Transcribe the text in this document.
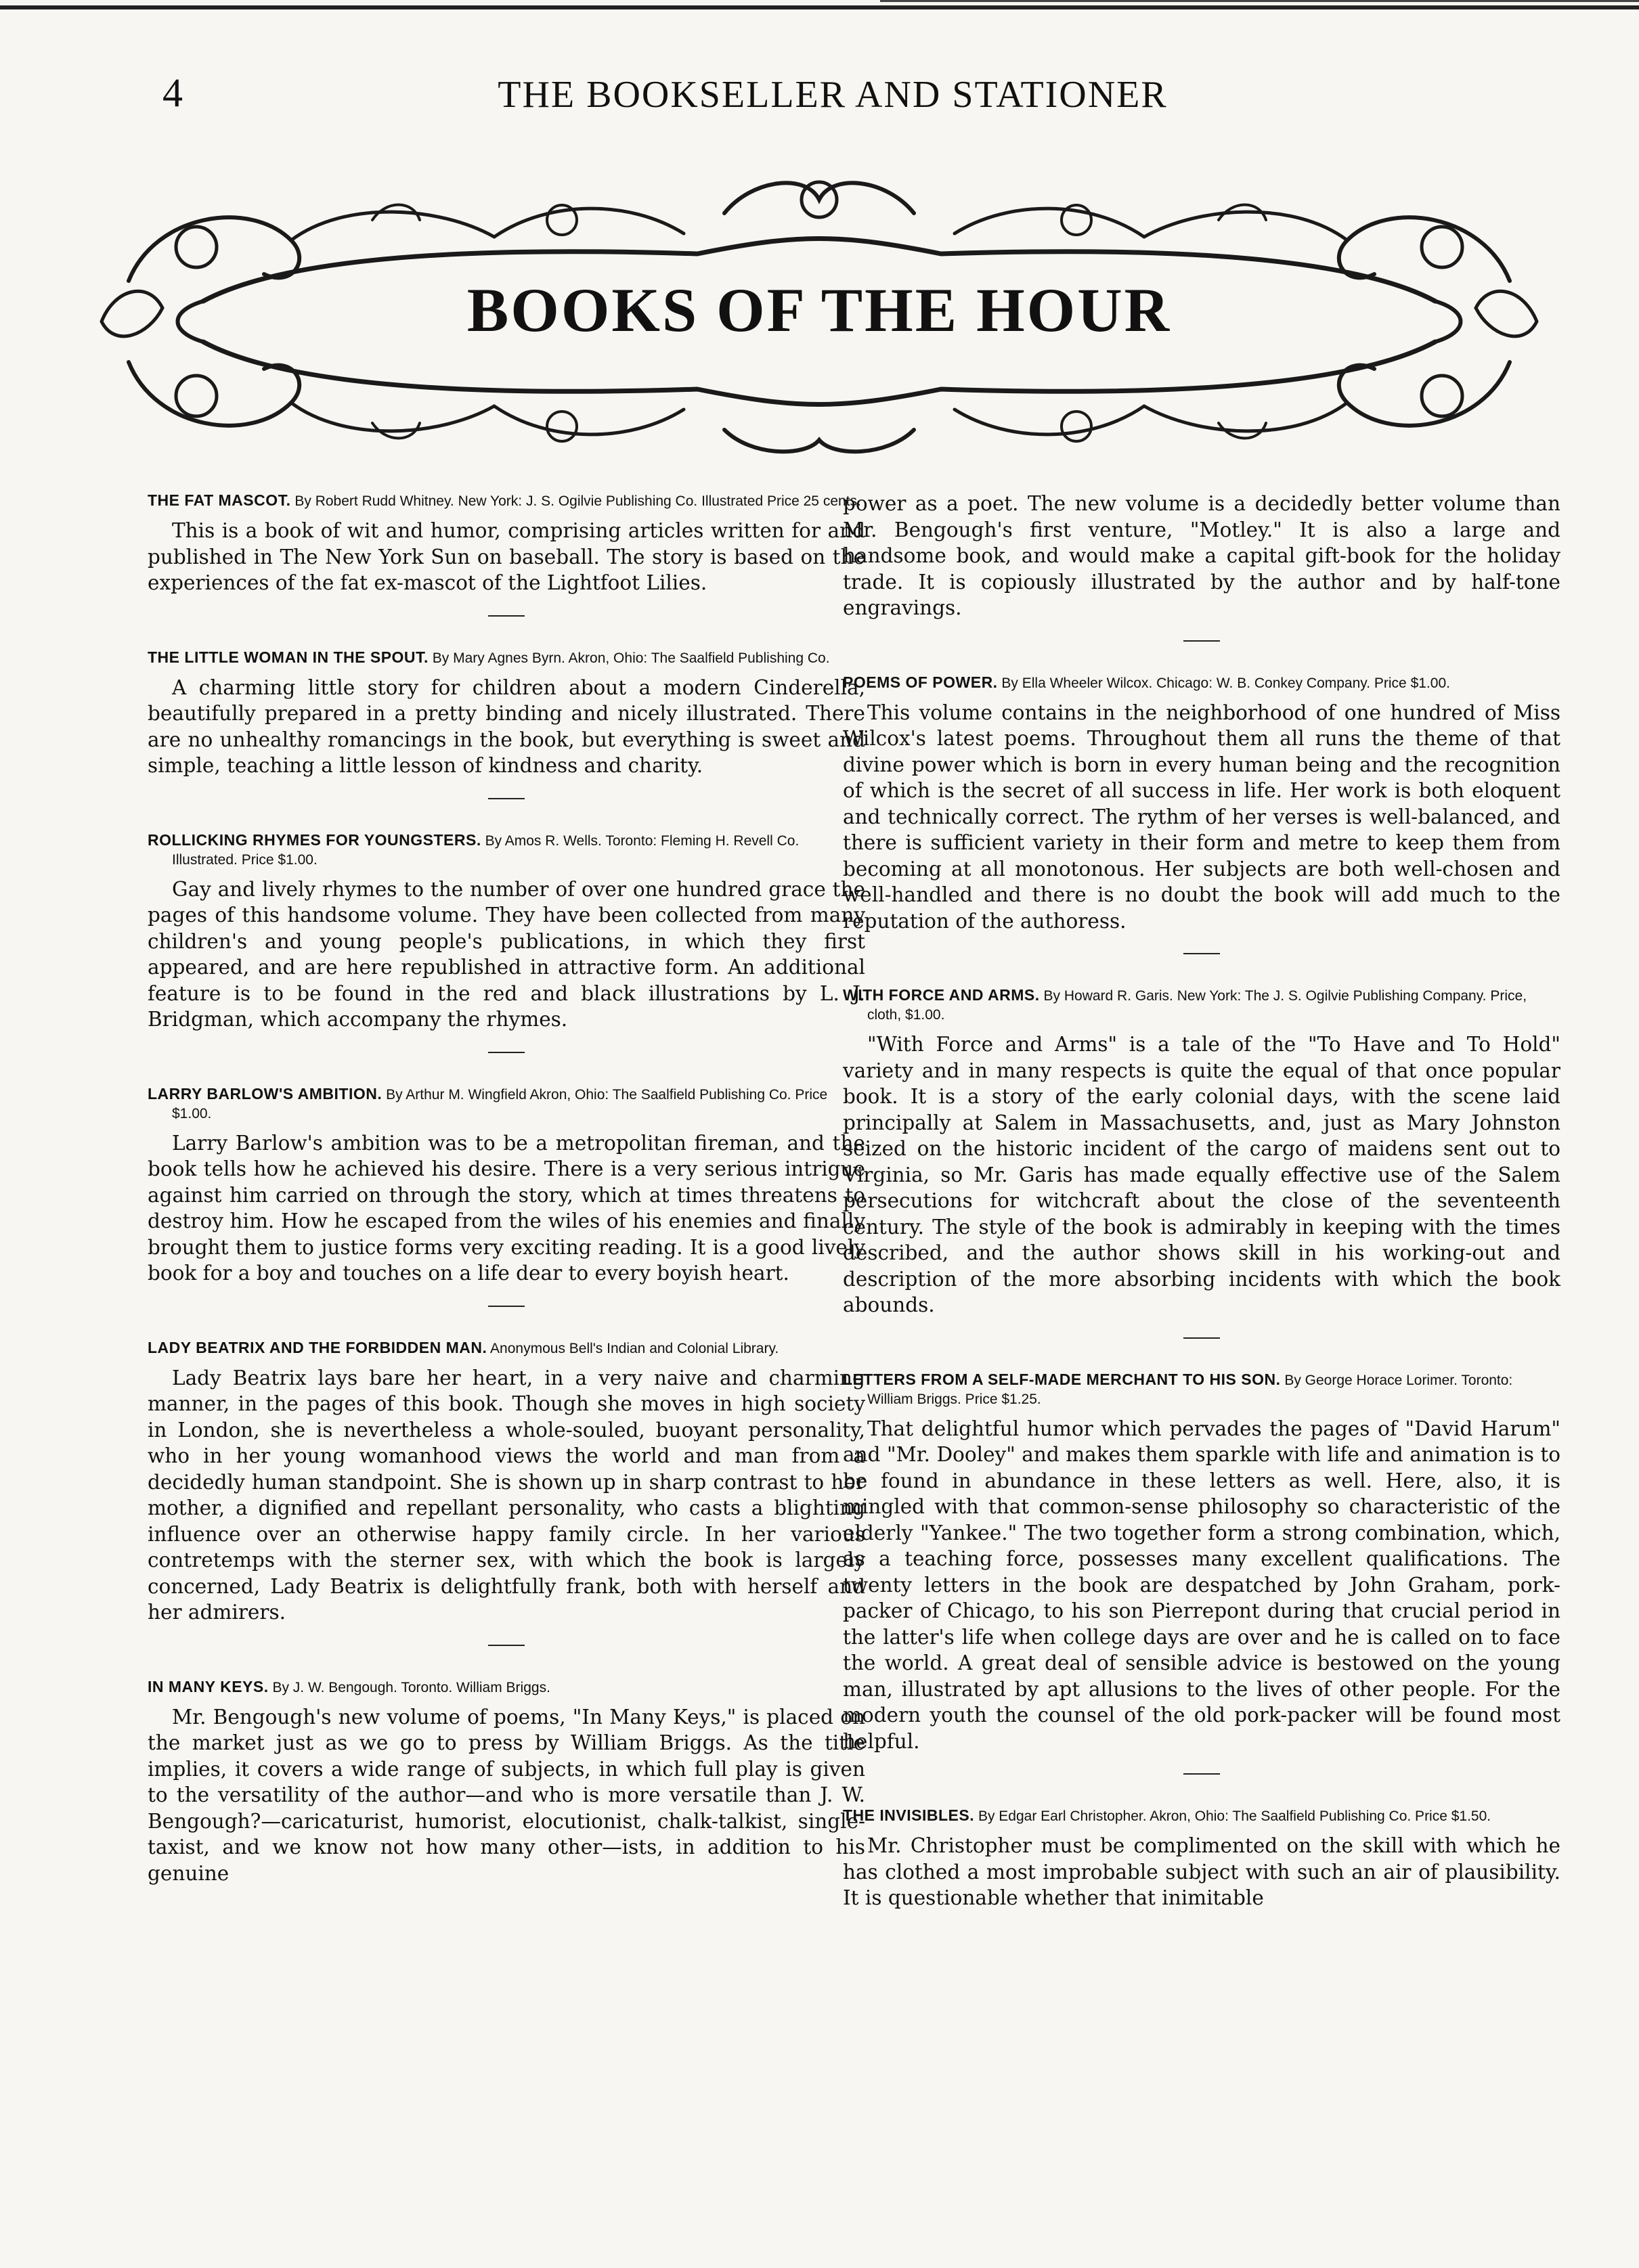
4	THE BOOKSELLER AND STATIONER
BOOKS OF THE HOUR

THE FAT MASCOT. By Robert Rudd Whitney. New York: J. S. Ogilvie Publishing Co. Illustrated Price 25 cents.

This is a book of wit and humor, comprising articles written for and published in The New York Sun on baseball. The story is based on the experiences of the fat ex-mascot of the Lightfoot Lilies.

THE LITTLE WOMAN IN THE SPOUT. By Mary Agnes Byrn. Akron, Ohio: The Saalfield Publishing Co.

A charming little story for children about a modern Cinderella, beautifully prepared in a pretty binding and nicely illustrated. There are no unhealthy romancings in the book, but everything is sweet and simple, teaching a little lesson of kindness and charity.

ROLLICKING RHYMES FOR YOUNGSTERS. By Amos R. Wells. Toronto: Fleming H. Revell Co. Illustrated. Price $1.00.

Gay and lively rhymes to the number of over one hundred grace the pages of this handsome volume. They have been collected from many children's and young people's publications, in which they first appeared, and are here republished in attractive form. An additional feature is to be found in the red and black illustrations by L. J. Bridgman, which accompany the rhymes.

LARRY BARLOW'S AMBITION. By Arthur M. Wingfield Akron, Ohio: The Saalfield Publishing Co. Price $1.00.

Larry Barlow's ambition was to be a metropolitan fireman, and the book tells how he achieved his desire. There is a very serious intrigue against him carried on through the story, which at times threatens to destroy him. How he escaped from the wiles of his enemies and finally brought them to justice forms very exciting reading. It is a good lively book for a boy and touches on a life dear to every boyish heart.

LADY BEATRIX AND THE FORBIDDEN MAN. Anonymous Bell's Indian and Colonial Library.

Lady Beatrix lays bare her heart, in a very naive and charming manner, in the pages of this book. Though she moves in high society in London, she is nevertheless a whole-souled, buoyant personality, who in her young womanhood views the world and man from a decidedly human standpoint. She is shown up in sharp contrast to her mother, a dignified and repellant personality, who casts a blighting influence over an otherwise happy family circle. In her various contretemps with the sterner sex, with which the book is largely concerned, Lady Beatrix is delightfully frank, both with herself and her admirers.

IN MANY KEYS. By J. W. Bengough. Toronto. William Briggs.

Mr. Bengough's new volume of poems, "In Many Keys," is placed on the market just as we go to press by William Briggs. As the title implies, it covers a wide range of subjects, in which full play is given to the versatility of the author—and who is more versatile than J. W. Bengough?—caricaturist, humorist, elocutionist, chalk-talkist, single-taxist, and we know not how many other—ists, in addition to his genuine

power as a poet. The new volume is a decidedly better volume than Mr. Bengough's first venture, "Motley." It is also a large and handsome book, and would make a capital gift-book for the holiday trade. It is copiously illustrated by the author and by half-tone engravings.

POEMS OF POWER. By Ella Wheeler Wilcox. Chicago: W. B. Conkey Company. Price $1.00.

This volume contains in the neighborhood of one hundred of Miss Wilcox's latest poems. Throughout them all runs the theme of that divine power which is born in every human being and the recognition of which is the secret of all success in life. Her work is both eloquent and technically correct. The rythm of her verses is well-balanced, and there is sufficient variety in their form and metre to keep them from becoming at all monotonous. Her subjects are both well-chosen and well-handled and there is no doubt the book will add much to the reputation of the authoress.

WITH FORCE AND ARMS. By Howard R. Garis. New York: The J. S. Ogilvie Publishing Company. Price, cloth, $1.00.

"With Force and Arms" is a tale of the "To Have and To Hold" variety and in many respects is quite the equal of that once popular book. It is a story of the early colonial days, with the scene laid principally at Salem in Massachusetts, and, just as Mary Johnston seized on the historic incident of the cargo of maidens sent out to Virginia, so Mr. Garis has made equally effective use of the Salem persecutions for witchcraft about the close of the seventeenth century. The style of the book is admirably in keeping with the times described, and the author shows skill in his working-out and description of the more absorbing incidents with which the book abounds.

LETTERS FROM A SELF-MADE MERCHANT TO HIS SON. By George Horace Lorimer. Toronto: William Briggs. Price $1.25.

That delightful humor which pervades the pages of "David Harum" and "Mr. Dooley" and makes them sparkle with life and animation is to be found in abundance in these letters as well. Here, also, it is mingled with that common-sense philosophy so characteristic of the elderly "Yankee." The two together form a strong combination, which, as a teaching force, possesses many excellent qualifications. The twenty letters in the book are despatched by John Graham, pork-packer of Chicago, to his son Pierrepont during that crucial period in the latter's life when college days are over and he is called on to face the world. A great deal of sensible advice is bestowed on the young man, illustrated by apt allusions to the lives of other people. For the modern youth the counsel of the old pork-packer will be found most helpful.

THE INVISIBLES. By Edgar Earl Christopher. Akron, Ohio: The Saalfield Publishing Co. Price $1.50.

Mr. Christopher must be complimented on the skill with which he has clothed a most improbable subject with such an air of plausibility. It is questionable whether that inimitable
